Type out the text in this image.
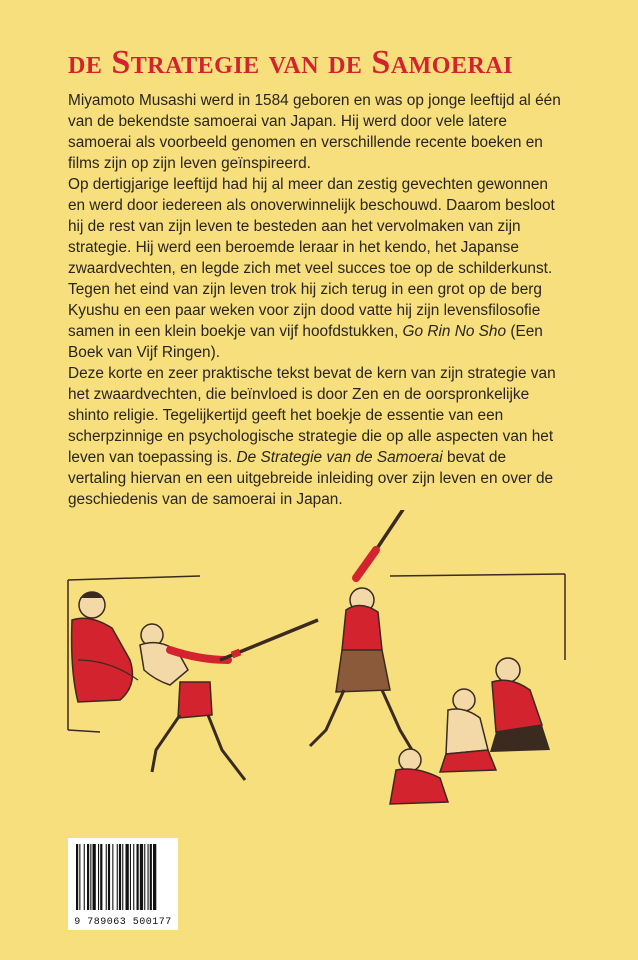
de Strategie van de Samoerai

Miyamoto Musashi werd in 1584 geboren en was op jonge leeftijd al één van de bekendste samoerai van Japan. Hij werd door vele latere samoerai als voorbeeld genomen en verschillende recente boeken en films zijn op zijn leven geïnspireerd.

Op dertigjarige leeftijd had hij al meer dan zestig gevechten gewonnen en werd door iedereen als onoverwinnelijk beschouwd. Daarom besloot hij de rest van zijn leven te besteden aan het vervolmaken van zijn strategie. Hij werd een beroemde leraar in het kendo, het Japanse zwaardvechten, en legde zich met veel succes toe op de schilderkunst.

Tegen het eind van zijn leven trok hij zich terug in een grot op de berg Kyushu en een paar weken voor zijn dood vatte hij zijn levensfilosofie samen in een klein boekje van vijf hoofdstukken, Go Rin No Sho (Een Boek van Vijf Ringen).

Deze korte en zeer praktische tekst bevat de kern van zijn strategie van het zwaardvechten, die beïnvloed is door Zen en de oorspronkelijke shinto religie. Tegelijkertijd geeft het boekje de essentie van een scherpzinnige en psychologische strategie die op alle aspecten van het leven van toepassing is. De Strategie van de Samoerai bevat de vertaling hiervan en een uitgebreide inleiding over zijn leven en over de geschiedenis van de samoerai in Japan.

9 789063 500177
